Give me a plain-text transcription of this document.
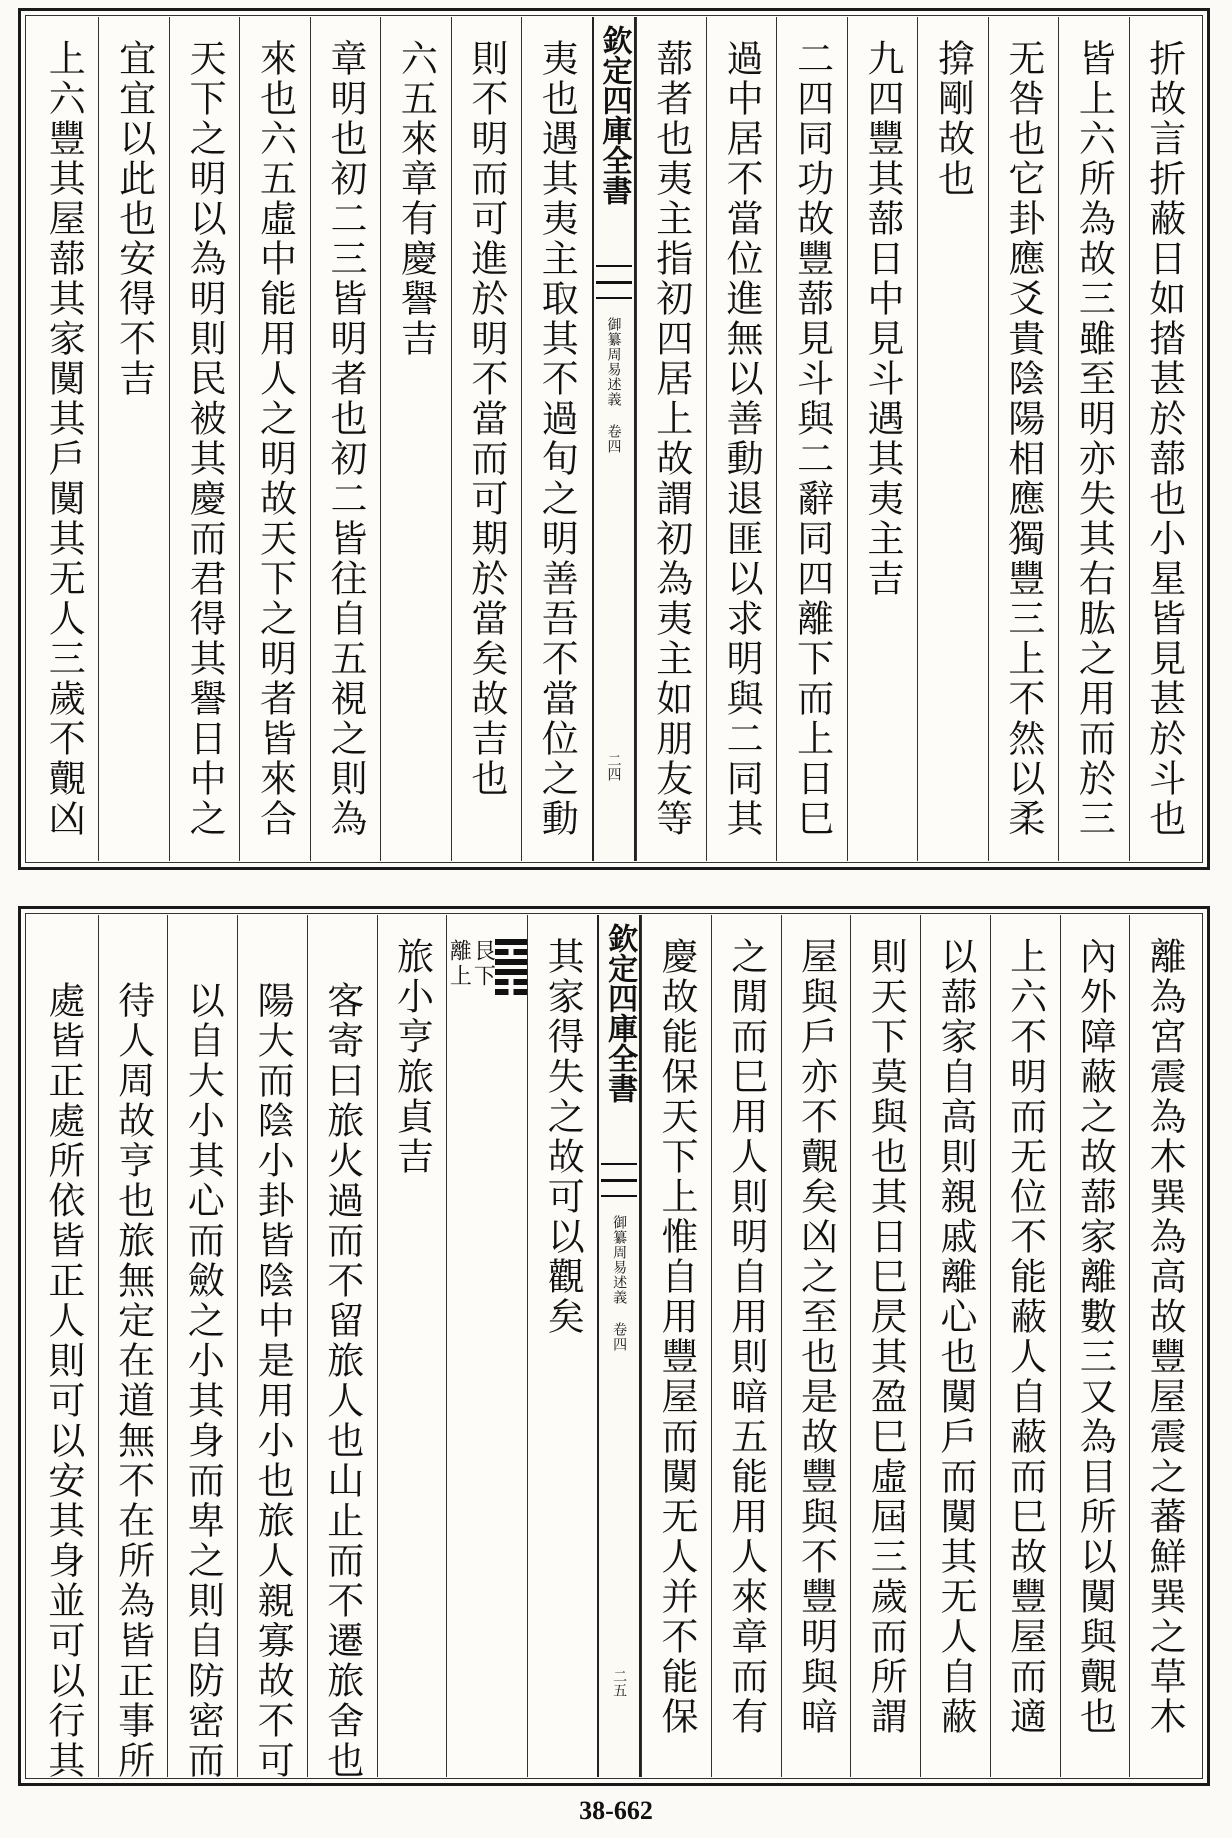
折故言折蔽日如㧺甚於蔀也小星皆見甚於斗也
皆上六所為故三雖至明亦失其右肱之用而於三
无咎也它卦應爻貴陰陽相應獨豐三上不然以柔
揜剛故也
九四豐其蔀日中見斗遇其夷主吉
二四同功故豐蔀見斗與二辭同四離下而上日巳
過中居不當位進無以善動退匪以求明與二同其
蔀者也夷主指初四居上故謂初為夷主如朋友等
欽定四庫全書
御纂周易述義 卷四
二四
夷也遇其夷主取其不過旬之明善吾不當位之動
則不明而可進於明不當而可期於當矣故吉也
六五來章有慶譽吉
章明也初二三皆明者也初二皆往自五視之則為
來也六五虛中能用人之明故天下之明者皆來合
天下之明以為明則民被其慶而君得其譽日中之
宜宜以此也安得不吉
上六豐其屋蔀其家闃其戶闃其无人三歲不覿凶
離為宮震為木巽為高故豐屋震之蕃鮮巽之草木
內外障蔽之故蔀家離數三又為目所以闃與覿也
上六不明而无位不能蔽人自蔽而巳故豐屋而適
以蔀家自高則親戚離心也闃戶而闃其无人自蔽
則天下莫與也其日巳昃其盈巳虛屆三歲而所謂
屋與戶亦不覿矣凶之至也是故豐與不豐明與暗
之閒而巳用人則明自用則暗五能用人來章而有
慶故能保天下上惟自用豐屋而闃无人并不能保
欽定四庫全書
御纂周易述義 卷四
二五
其家得失之故可以觀矣
艮下
離上
旅小亨旅貞吉
客寄曰旅火過而不留旅人也山止而不遷旅舍也
陽大而陰小卦皆陰中是用小也旅人親寡故不可
以自大小其心而斂之小其身而卑之則自防密而
待人周故亨也旅無定在道無不在所為皆正事所
處皆正處所依皆正人則可以安其身並可以行其
38-662
